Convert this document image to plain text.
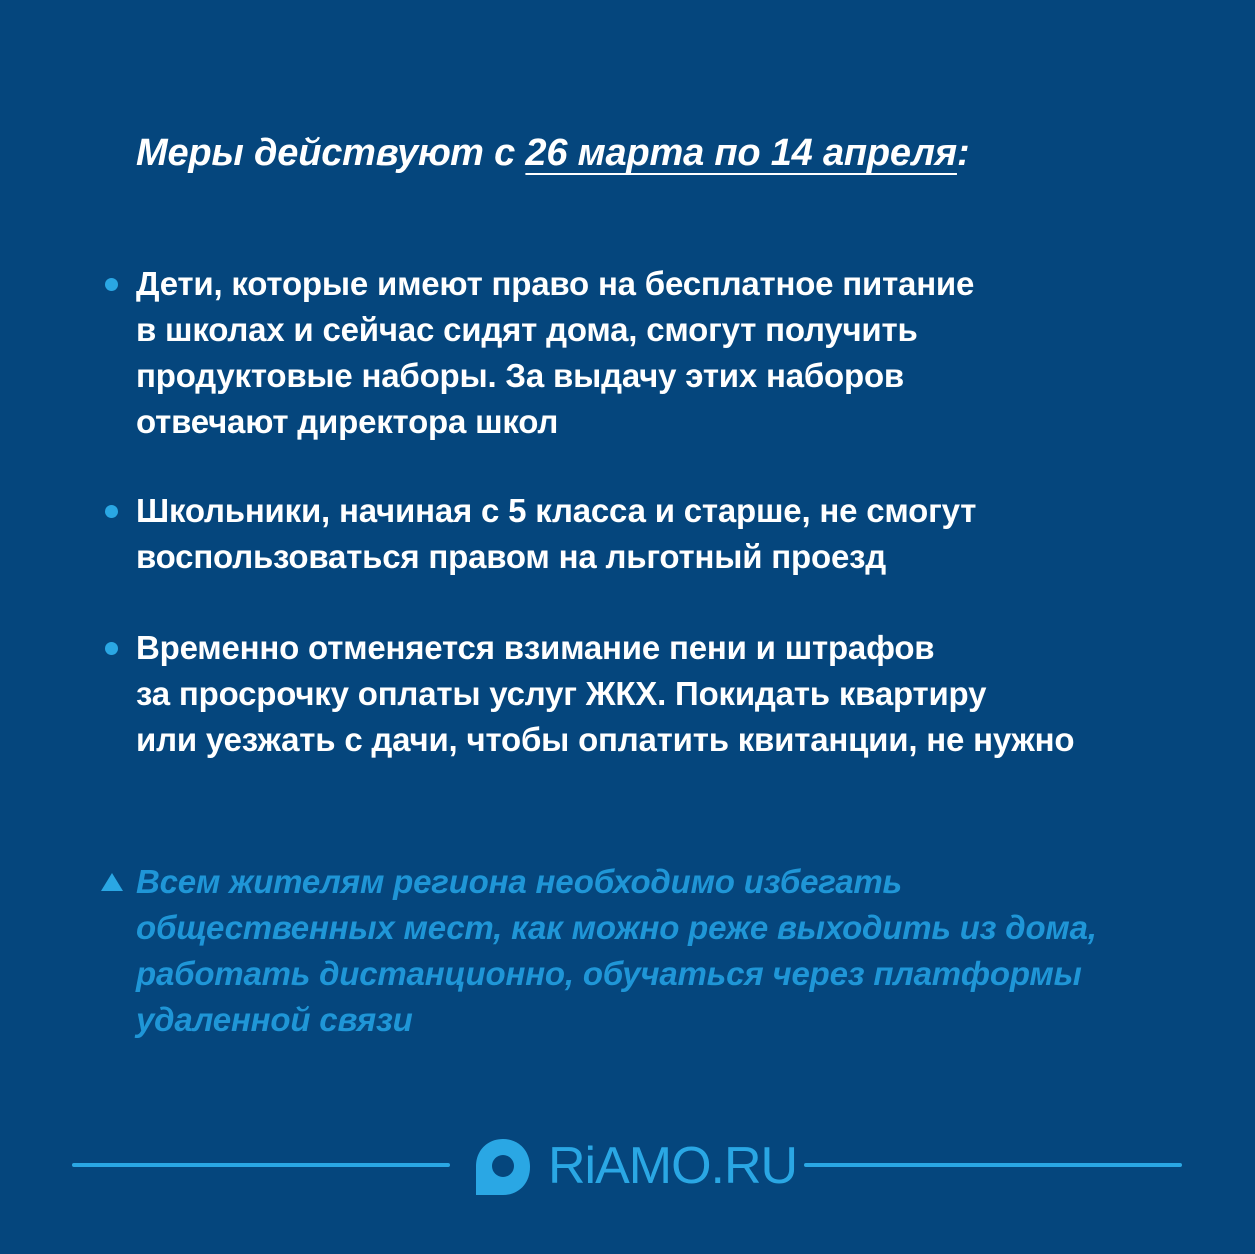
Меры действуют с 26 марта по 14 апреля:

Дети, которые имеют право на бесплатное питание
в школах и сейчас сидят дома, смогут получить
продуктовые наборы. За выдачу этих наборов
отвечают директора школ

Школьники, начиная с 5 класса и старше, не смогут
воспользоваться правом на льготный проезд

Временно отменяется взимание пени и штрафов
за просрочку оплаты услуг ЖКХ. Покидать квартиру
или уезжать с дачи, чтобы оплатить квитанции, не нужно

Всем жителям региона необходимо избегать
общественных мест, как можно реже выходить из дома,
работать дистанционно, обучаться через платформы
удаленной связи

RiAMO.RU
